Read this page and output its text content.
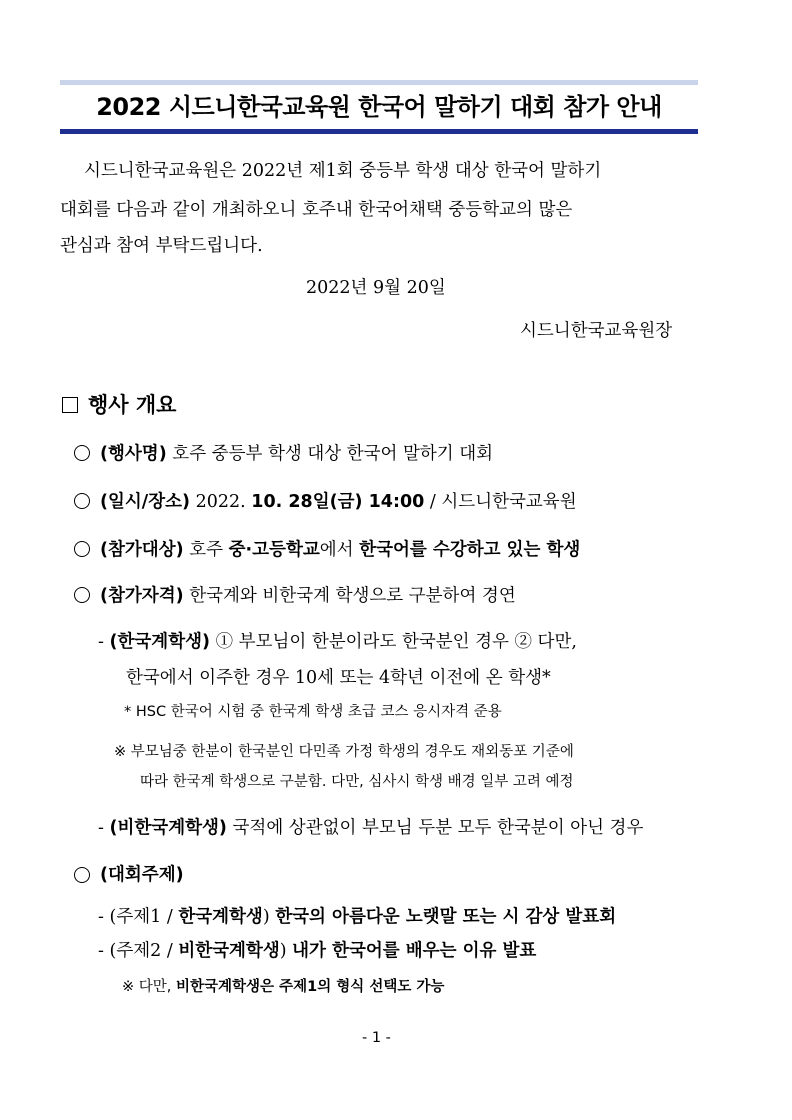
2022 시드니한국교육원 한국어 말하기 대회 참가 안내
시드니한국교육원은 2022년 제1회 중등부 학생 대상 한국어 말하기
대회를 다음과 같이 개최하오니 호주내 한국어채택 중등학교의 많은
관심과 참여 부탁드립니다.
2022년 9월 20일
시드니한국교육원장
행사 개요
(행사명) 호주 중등부 학생 대상 한국어 말하기 대회
(일시/장소) 2022. 10. 28일(금) 14:00 / 시드니한국교육원
(참가대상) 호주 중·고등학교에서 한국어를 수강하고 있는 학생
(참가자격) 한국계와 비한국계 학생으로 구분하여 경연
- (한국계학생) ① 부모님이 한분이라도 한국분인 경우 ② 다만,
한국에서 이주한 경우 10세 또는 4학년 이전에 온 학생*
* HSC 한국어 시험 중 한국계 학생 초급 코스 응시자격 준용
※ 부모님중 한분이 한국분인 다민족 가정 학생의 경우도 재외동포 기준에
따라 한국계 학생으로 구분함. 다만, 심사시 학생 배경 일부 고려 예정
- (비한국계학생) 국적에 상관없이 부모님 두분 모두 한국분이 아닌 경우
(대회주제)
- (주제1 / 한국계학생) 한국의 아름다운 노랫말 또는 시 감상 발표회
- (주제2 / 비한국계학생) 내가 한국어를 배우는 이유 발표
※ 다만, 비한국계학생은 주제1의 형식 선택도 가능
- 1 -
